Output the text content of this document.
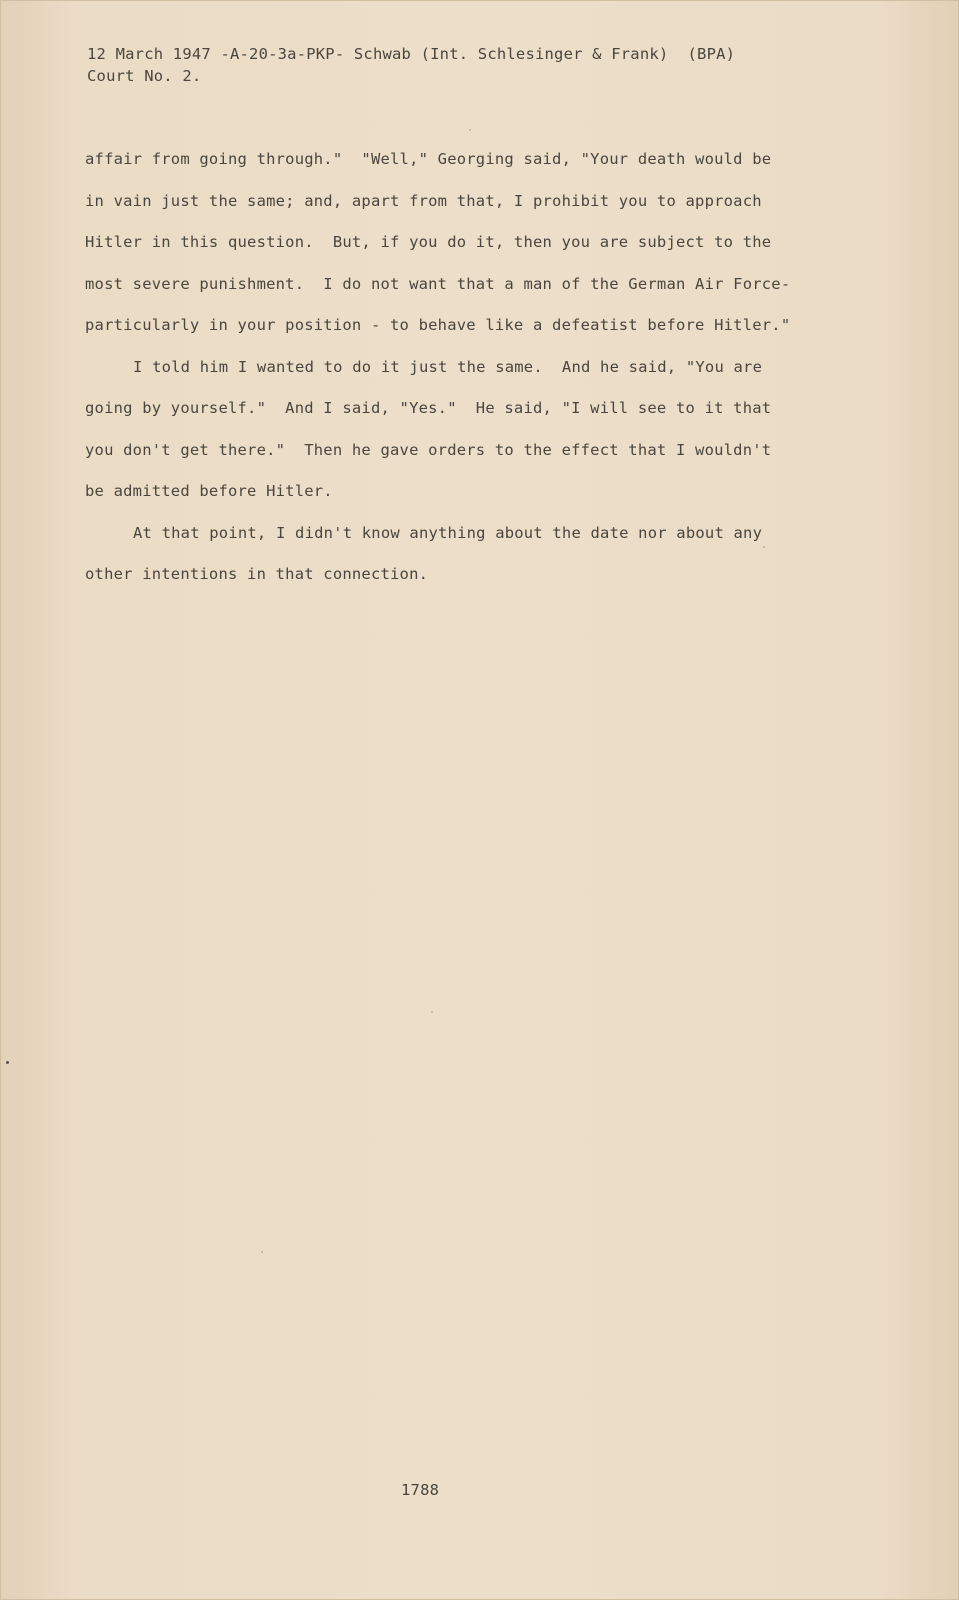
12 March 1947 -A-20-3a-PKP- Schwab (Int. Schlesinger & Frank)  (BPA)
Court No. 2.
affair from going through."  "Well," Georging said, "Your death would be
in vain just the same; and, apart from that, I prohibit you to approach
Hitler in this question.  But, if you do it, then you are subject to the
most severe punishment.  I do not want that a man of the German Air Force-
particularly in your position - to behave like a defeatist before Hitler."
I told him I wanted to do it just the same.  And he said, "You are
going by yourself."  And I said, "Yes."  He said, "I will see to it that
you don't get there."  Then he gave orders to the effect that I wouldn't
be admitted before Hitler.
At that point, I didn't know anything about the date nor about any
other intentions in that connection.
1788
